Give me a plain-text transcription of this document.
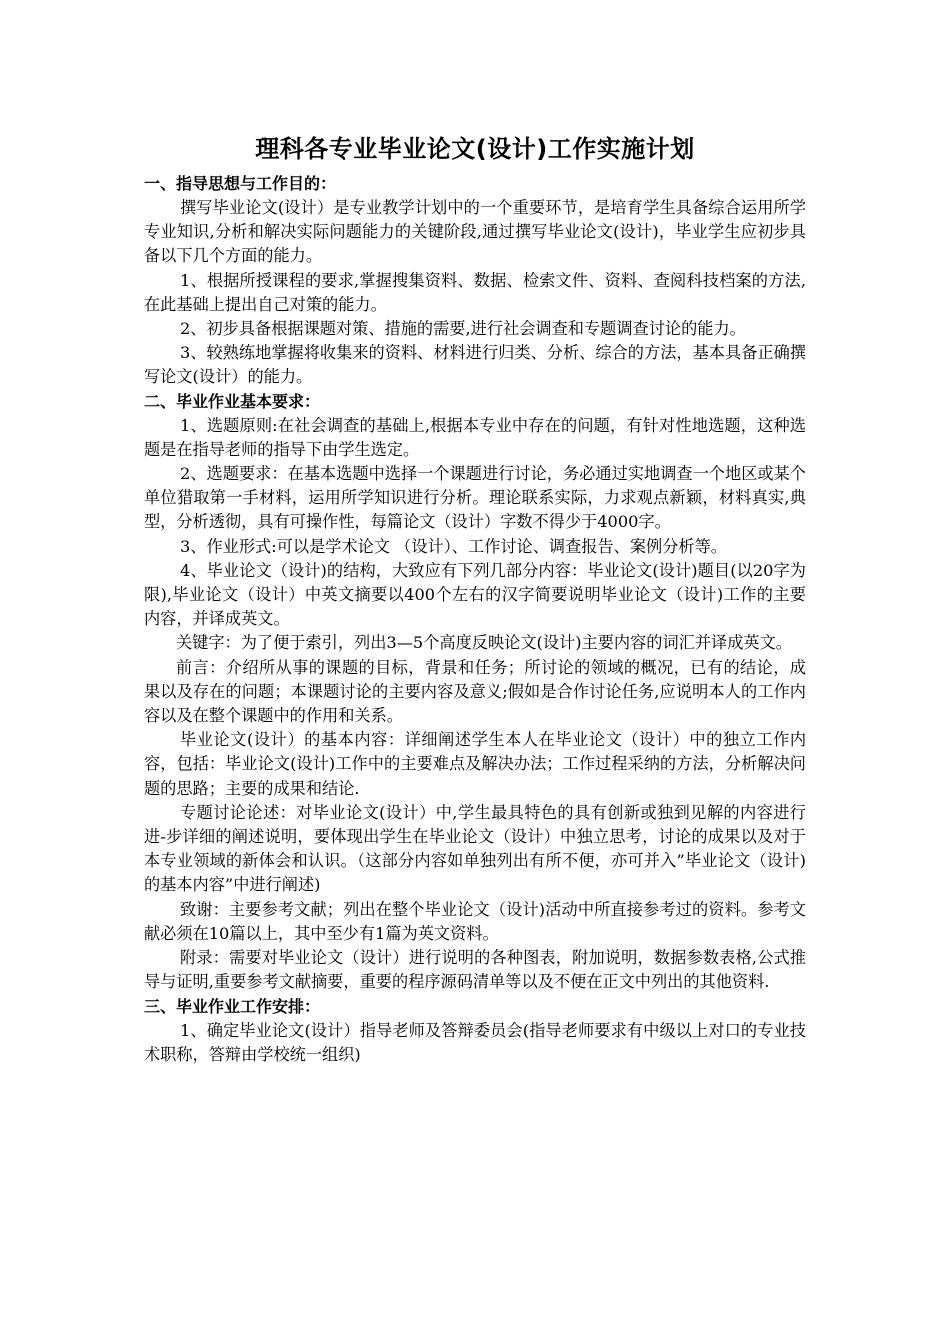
理科各专业毕业论文(设计)工作实施计划
一、指导思想与工作目的：

撰写毕业论文(设计）是专业教学计划中的一个重要环节，是培育学生具备综合运用所学专业知识,分析和解决实际问题能力的关键阶段,通过撰写毕业论文(设计)，毕业学生应初步具备以下几个方面的能力。

1、根据所授课程的要求,掌握搜集资料、数据、检索文件、资料、查阅科技档案的方法,在此基础上提出自己对策的能力。

2、初步具备根据课题对策、措施的需要,进行社会调查和专题调查讨论的能力。

3、较熟练地掌握将收集来的资料、材料进行归类、分析、综合的方法，基本具备正确撰写论文(设计）的能力。

二、毕业作业基本要求：

1、选题原则:在社会调查的基础上,根据本专业中存在的问题，有针对性地选题，这种选题是在指导老师的指导下由学生选定。

2、选题要求：在基本选题中选择一个课题进行讨论，务必通过实地调查一个地区或某个单位猎取第一手材料，运用所学知识进行分析。理论联系实际，力求观点新颖，材料真实,典型，分析透彻，具有可操作性，每篇论文（设计）字数不得少于4000字。

3、作业形式:可以是学术论文 （设计）、工作讨论、调查报告、案例分析等。

4、毕业论文（设计)的结构，大致应有下列几部分内容：毕业论文(设计)题目(以20字为限),毕业论文（设计）中英文摘要以400个左右的汉字简要说明毕业论文（设计)工作的主要内容，并译成英文。

关键字：为了便于索引，列出3—5个高度反映论文(设计)主要内容的词汇并译成英文。

前言：介绍所从事的课题的目标，背景和任务；所讨论的领域的概况，已有的结论，成果以及存在的问题；本课题讨论的主要内容及意义;假如是合作讨论任务,应说明本人的工作内容以及在整个课题中的作用和关系。

毕业论文(设计）的基本内容：详细阐述学生本人在毕业论文（设计）中的独立工作内容，包括：毕业论文(设计)工作中的主要难点及解决办法；工作过程采纳的方法，分析解决问题的思路；主要的成果和结论.

专题讨论论述：对毕业论文(设计）中,学生最具特色的具有创新或独到见解的内容进行进-步详细的阐述说明，要体现出学生在毕业论文（设计）中独立思考，讨论的成果以及对于本专业领域的新体会和认识。（这部分内容如单独列出有所不便，亦可并入”毕业论文（设计)的基本内容”中进行阐述)

致谢：主要参考文献；列出在整个毕业论文（设计)活动中所直接参考过的资料。参考文献必须在10篇以上，其中至少有1篇为英文资料。

附录：需要对毕业论文（设计）进行说明的各种图表，附加说明，数据参数表格,公式推导与证明,重要参考文献摘要，重要的程序源码清单等以及不便在正文中列出的其他资料.

三、毕业作业工作安排：

1、确定毕业论文(设计）指导老师及答辩委员会(指导老师要求有中级以上对口的专业技术职称，答辩由学校统一组织)
